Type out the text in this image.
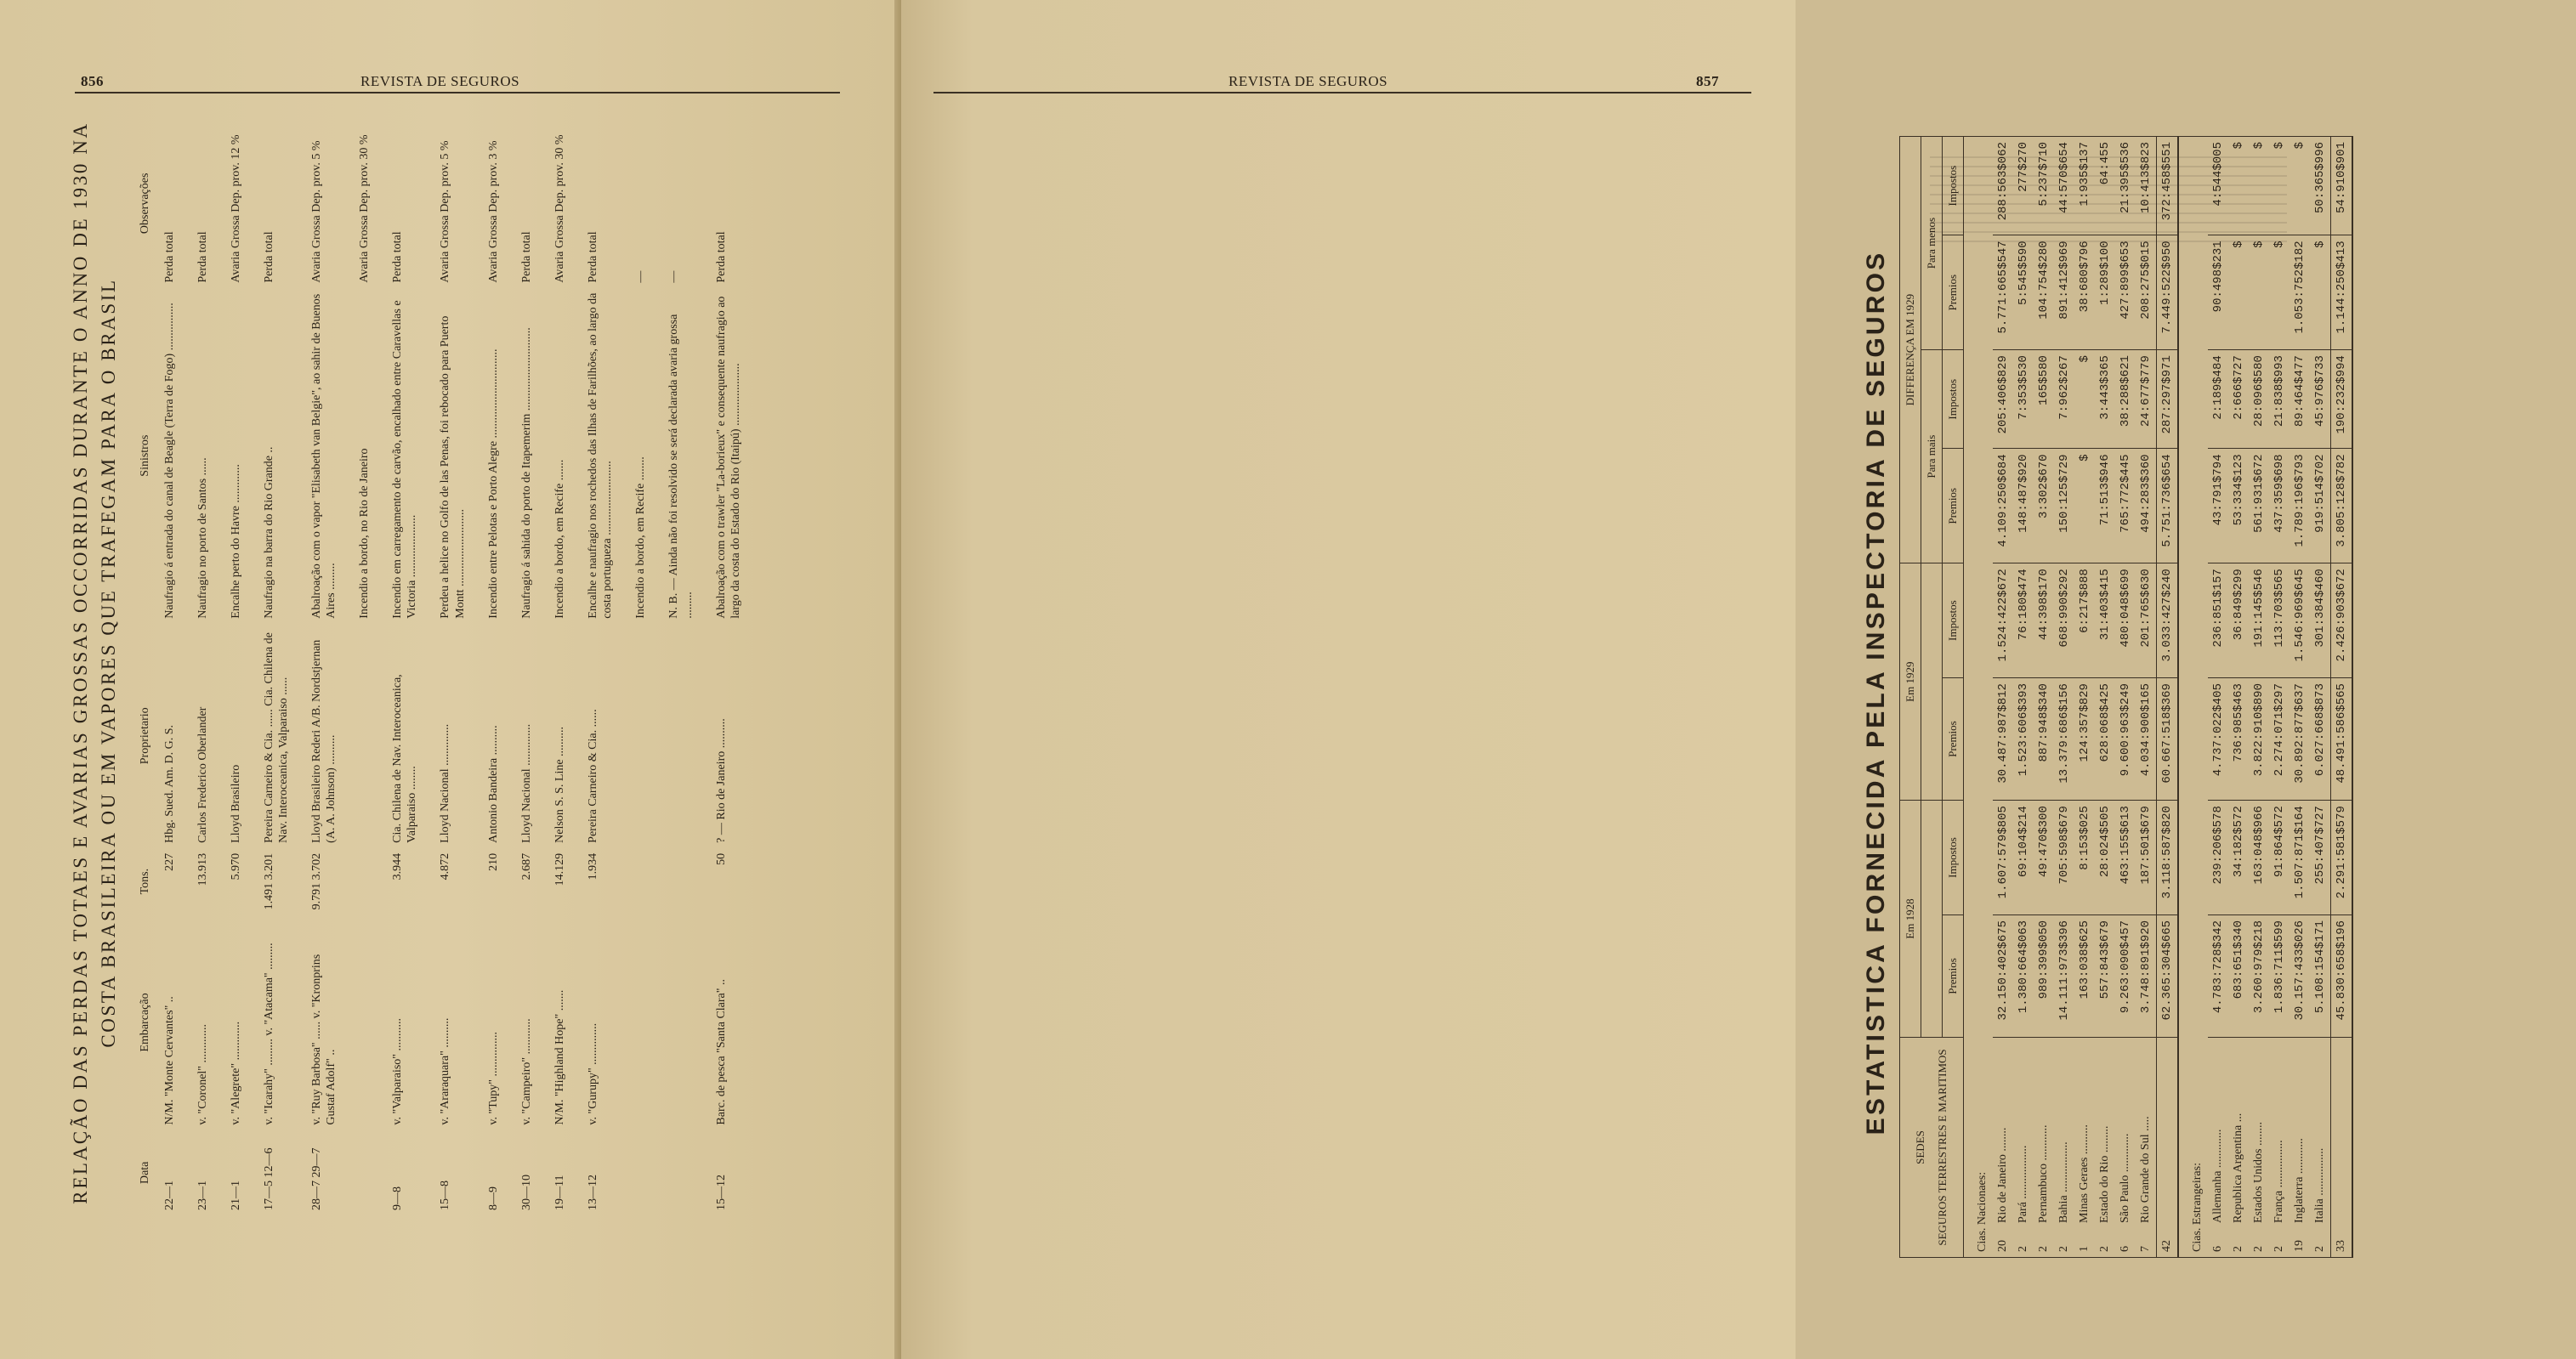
856	REVISTA DE SEGUROS
RELAÇÃO DAS PERDAS TOTAES E AVARIAS GROSSAS OCCORRIDAS DURANTE O ANNO DE 1930 NA COSTA BRASILEIRA OU EM VAPORES QUE TRAFEGAM PARA O BRASIL
Data	Embarcação	Tons.	Proprietario	Sinistros	Observações
22—1	N/M. "Monte Cervantes" ..	227	Hbg. Sued. Am. D. G. S.	Naufragio á entrada do canal de Beagle (Terra de Fogo) ................	Perda total
23—1	v. "Coronel" .............	13.913	Carlos Frederico Oberlander	Naufragio no porto de Santos ......	Perda total
21—1	v. "Alegrete" .............	5.970	Lloyd Brasileiro	Encalhe perto do Havre .............	Avaria Grossa Dep. prov. 12 %
17—5 12—6	v. "Icarahy" ......... v. "Atacama" .........	1.491 3.201	Pereira Carneiro & Cia. ...... Cia. Chilena de Nav. Interoceanica, Valparaiso ......	Naufragio na barra do Rio Grande ..	Perda total
28—7 29—7	v. "Ruy Barbosa" ...... v. "Kronprins Gustaf Adolf" ..	9.791 3.702	Lloyd Brasileiro Rederi A/B. Nordstjernan (A. A. Johnson) ..........	Abalroação com o vapor "Elisabeth van Belgie", ao sahir de Buenos Aires .........	Avaria Grossa Dep. prov. 5 %
				Incendio a bordo, no Rio de Janeiro	Avaria Grossa Dep. prov. 30 %
9—8	v. "Valparaiso" ...........	3.944	Cia. Chilena de Nav. Interoceanica, Valparaiso ........	Incendio em carregamento de carvão, encalhado entre Caravellas e Victoria .....................	Perda total
15—8	v. "Araraquara" ..........	4.872	Lloyd Nacional ..............	Perdeu a helice no Golfo de las Penas, foi rebocado para Puerto Montt ..........................	Avaria Grossa Dep. prov. 5 %
8—9	v. "Tupy" ...............	210	Antonio Bandeira ..........	Incendio entre Pelotas e Porto Alegre ..............................	Avaria Grossa Dep. prov. 3 %
30—10	v. "Campeiro" ............	2.687	Lloyd Nacional ..............	Naufragio á sahida do porto de Itapemerim ............................	Perda total
19—11	N/M. "Highland Hope" .......	14.129	Nelson S. S. Line ..........	Incendio a bordo, em Recife .......	Avaria Grossa Dep. prov. 30 %
13—12	v. "Gurupy" ..............	1.934	Pereira Carneiro & Cia. ......	Encalhe e naufragio nos rochedos das Ilhas de Farilhões, ao largo da costa portugueza .........................	Perda total
				Incendio a bordo, em Recife ........	—
				N. B. — Ainda não foi resolvido se será declarada avaria grossa .........	—
15—12	Barc. de pesca "Santa Clara" ..	50	? — Rio de Janeiro ..........	Abalroação com o trawler "La-borieux" e consequente naufragio ao largo da costa do Estado do Rio (Itaipú) .....................	Perda total
REVISTA DE SEGUROS	857
ESTATISTICA FORNECIDA PELA INSPECTORIA DE SEGUROS
SEDES SEGUROS TERRESTRES E MARITIMOS	Em 1928		Em 1929		DIFFERENÇA EM 1929			
					Para mais		Para menos	
	Premios	Impostos	Premios	Impostos	Premios	Impostos	Premios	Impostos
Cias. Nacionaes:								
20Rio de Janeiro ........	32.150:402$675	1.607:579$805	30.487:987$812	1.524:422$672	4.109:250$684	205:406$829	5.771:665$547	288:563$062
2Pará ..................	1.380:664$063	69:104$214	1.523:606$393	76:180$474	148:487$920	7:353$530	5:545$590	277$270
2Pernambuco ............	989:399$050	49:470$300	887:948$340	44:398$170	3:302$670	165$580	104:754$280	5:237$710
2Bahia .................	14.111:973$396	705:598$679	13.379:686$156	668:990$292	150:125$729	7:962$267	891:412$969	44:570$654
1Minas Geraes ..........	163:038$625	8:153$025	124:357$829	6:217$888	$	$	38:680$796	1:935$137
2Estado do Rio .........	557:843$679	28:024$505	628:068$425	31:403$415	71:513$946	3:443$365	1:289$100	64:455
6São Paulo .............	9.263:090$457	463:155$613	9.600:963$249	480:048$699	765:772$445	38:288$621	427:899$653	21:395$536
7Rio Grande do Sul .....	3.748:891$920	187:501$679	4.034:900$165	201:765$630	494:283$360	24:677$779	208:275$015	10:413$823
42	62.365:304$665	3.118:587$820	60.667:518$369	3.033:427$240	5.751:736$654	287:297$971	7.449:522$950	372:458$551
Cias. Estrangeiras:								
6Allemanha .............	4.783:728$342	239:206$578	4.737:022$405	236:851$157	43:791$794	2:189$484	90:498$231	4:544$005
2Republica Argentina ...	683:651$340	34:182$572	736:985$463	36:849$299	53:334$123	2:666$727	$	$
2Estados Unidos ........	3.260:979$218	163:048$966	3.822:910$890	191:145$546	561:931$672	28:096$580	$	$
2França ................	1.836:711$599	91:864$572	2.274:071$297	113:703$565	437:359$698	21:838$993	$	$
19Inglaterra ............	30.157:433$026	1.507:871$164	30.892:877$637	1.546:969$645	1.789:196$793	89:464$477	1.053:752$182	$
2Italia ................	5.108:154$171	255:407$727	6.027:668$873	301:384$460	919:514$702	45:976$733	$	50:365$996
33	45.830:658$196	2.291:581$579	48.491:586$565	2.426:903$672	3.805:128$782	190:232$994	1.144:250$413	54:910$901
